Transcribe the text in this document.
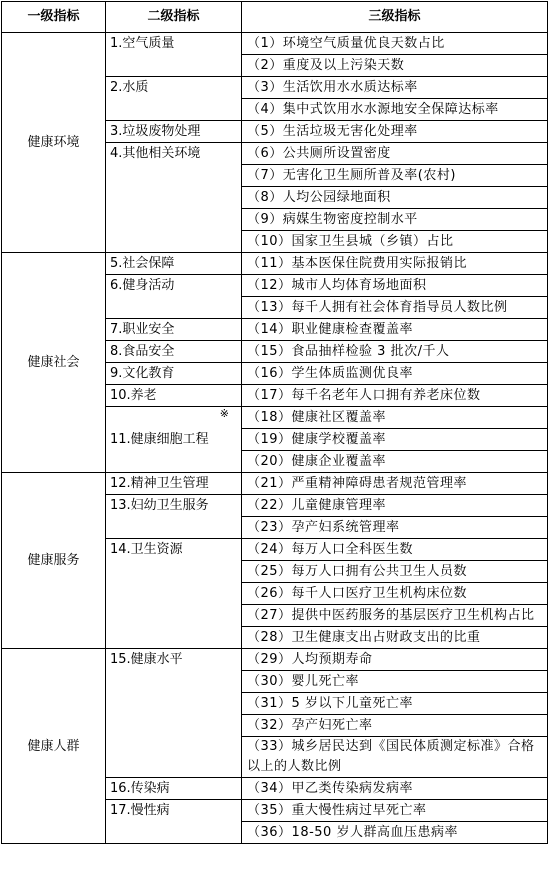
一级指标	二级指标	三级指标
健康环境	1.空气质量	（1）环境空气质量优良天数占比
		（2）重度及以上污染天数
	2.水质	（3）生活饮用水水质达标率
		（4）集中式饮用水水源地安全保障达标率
	3.垃圾废物处理	（5）生活垃圾无害化处理率
	4.其他相关环境	（6）公共厕所设置密度
		（7）无害化卫生厕所普及率(农村)
		（8）人均公园绿地面积
		（9）病媒生物密度控制水平
		（10）国家卫生县城（乡镇）占比
健康社会	5.社会保障	（11）基本医保住院费用实际报销比
	6.健身活动	（12）城市人均体育场地面积
		（13）每千人拥有社会体育指导员人数比例
	7.职业安全	（14）职业健康检查覆盖率
	8.食品安全	（15）食品抽样检验 3 批次/千人
	9.文化教育	（16）学生体质监测优良率
	10.养老	（17）每千名老年人口拥有养老床位数

	※
11.健康细胞工程	（18）健康社区覆盖率
		（19）健康学校覆盖率
		（20）健康企业覆盖率
健康服务	12.精神卫生管理	（21）严重精神障碍患者规范管理率
	13.妇幼卫生服务	（22）儿童健康管理率
		（23）孕产妇系统管理率
	14.卫生资源	（24）每万人口全科医生数
		（25）每万人口拥有公共卫生人员数
		（26）每千人口医疗卫生机构床位数
		（27）提供中医药服务的基层医疗卫生机构占比
		（28）卫生健康支出占财政支出的比重
健康人群	15.健康水平	（29）人均预期寿命
		（30）婴儿死亡率
		（31）5 岁以下儿童死亡率
		（32）孕产妇死亡率
		（33）城乡居民达到《国民体质测定标准》合格以上的人数比例
	16.传染病	（34）甲乙类传染病发病率
	17.慢性病	（35）重大慢性病过早死亡率
		（36）18-50 岁人群高血压患病率
